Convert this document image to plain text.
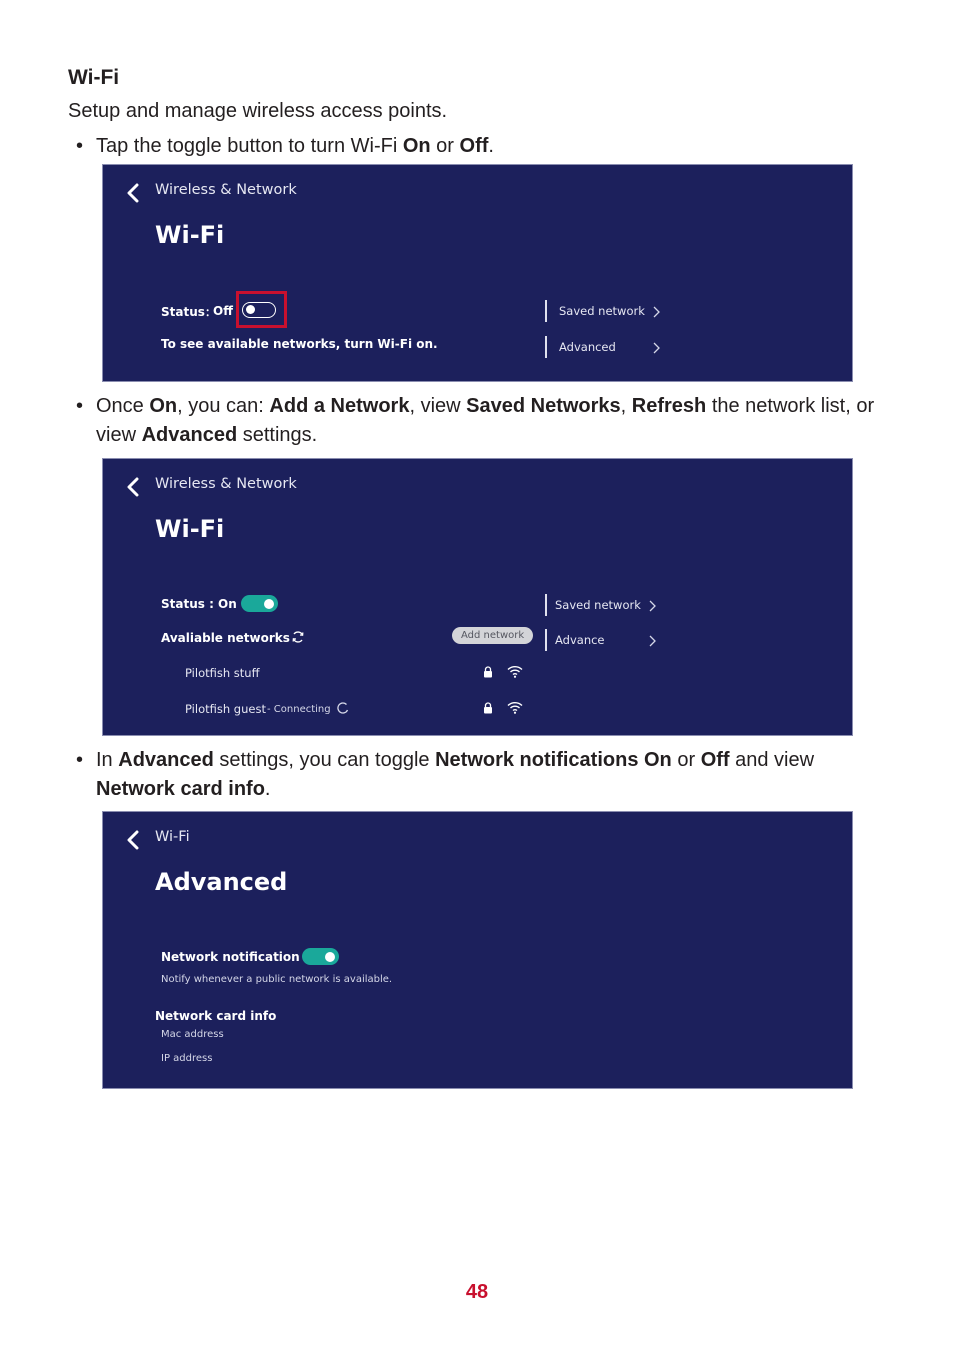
Wi-Fi

Setup and manage wireless access points.

• Tap the toggle button to turn Wi-Fi On or Off.

Wireless & Network
Wi-Fi
Status：
Off
To see available networks, turn Wi-Fi on.
Saved network
Advanced

• Once On, you can: Add a Network, view Saved Networks, Refresh the network list, or view Advanced settings.

Wireless & Network
Wi-Fi
Status : On
Avaliable networks	Add network
Saved network
Advance
Pilotfish stuff
Pilotfish guest - Connecting

• In Advanced settings, you can toggle Network notifications On or Off and view Network card info.

Wi-Fi
Advanced
Network notification
Notify whenever a public network is available.
Network card info
Mac address
IP address
48
